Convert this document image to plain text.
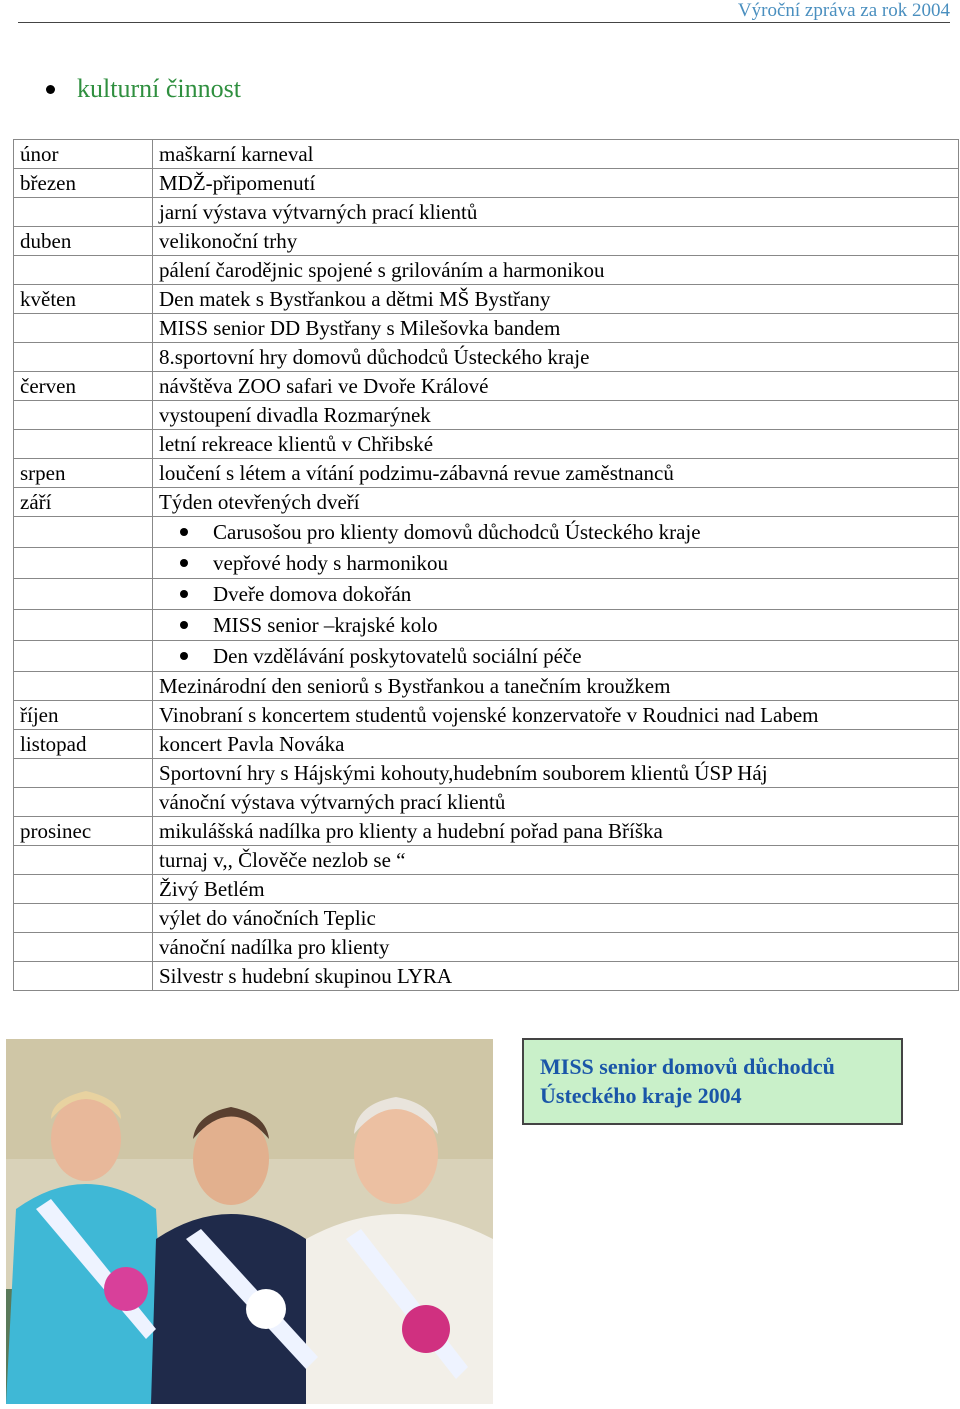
Výroční zpráva za rok 2004
kulturní činnost
únor	maškarní karneval
březen	MDŽ-připomenutí
	jarní výstava výtvarných prací klientů
duben	velikonoční trhy
	pálení čarodějnic spojené s grilováním a harmonikou
květen	Den matek s Bystřankou a dětmi MŠ Bystřany
	MISS senior DD Bystřany s Milešovka bandem
	8.sportovní hry domovů důchodců Ústeckého kraje
červen	návštěva ZOO safari ve Dvoře Králové
	vystoupení divadla Rozmarýnek
	letní rekreace klientů v Chřibské
srpen	loučení s létem a vítání podzimu-zábavná revue zaměstnanců
září	Týden otevřených dveří
	Carusošou pro klienty domovů důchodců Ústeckého kraje
	vepřové hody s harmonikou
	Dveře domova dokořán
	MISS senior –krajské kolo
	Den vzdělávání poskytovatelů sociální péče
	Mezinárodní den seniorů s Bystřankou a tanečním kroužkem
říjen	Vinobraní s koncertem studentů vojenské konzervatoře v Roudnici nad Labem
listopad	koncert Pavla Nováka
	Sportovní hry s Hájskými kohouty,hudebním souborem klientů ÚSP Háj
	vánoční výstava výtvarných prací klientů
prosinec	mikulášská nadílka pro klienty a hudební pořad pana Bříška
	turnaj v,, Člověče nezlob se “
	Živý Betlém
	výlet do vánočních Teplic
	vánoční nadílka pro klienty
	Silvestr s hudební skupinou LYRA
MISS senior domovů důchodců
Ústeckého kraje 2004
